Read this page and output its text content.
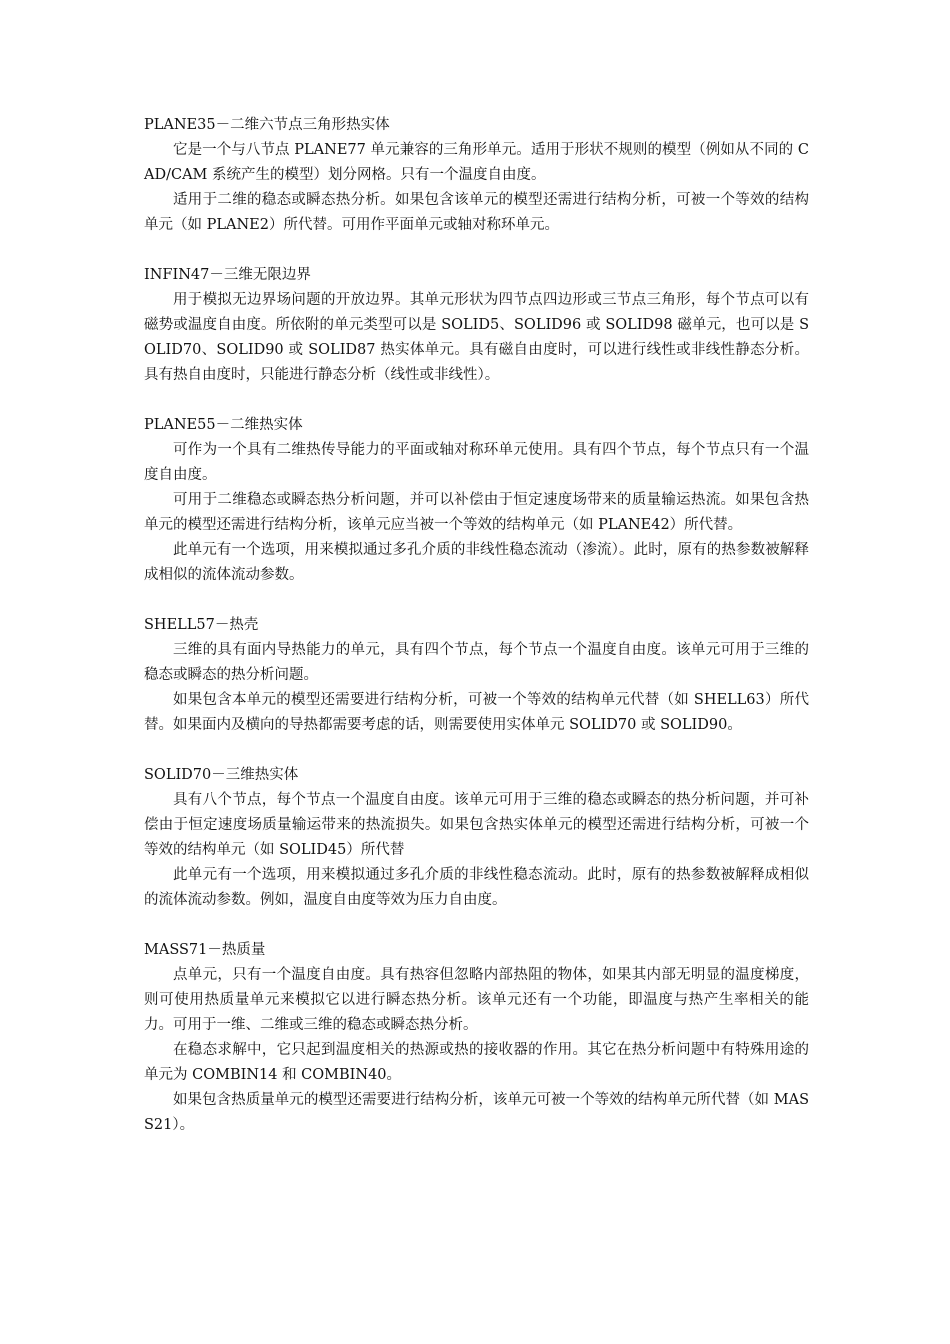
PLANE35－二维六节点三角形热实体

它是一个与八节点 PLANE77 单元兼容的三角形单元。适用于形状不规则的模型（例如从不同的 CAD/CAM 系统产生的模型）划分网格。只有一个温度自由度。

适用于二维的稳态或瞬态热分析。如果包含该单元的模型还需进行结构分析，可被一个等效的结构单元（如 PLANE2）所代替。可用作平面单元或轴对称环单元。

INFIN47－三维无限边界

用于模拟无边界场问题的开放边界。其单元形状为四节点四边形或三节点三角形，每个节点可以有磁势或温度自由度。所依附的单元类型可以是 SOLID5、SOLID96 或 SOLID98 磁单元，也可以是 SOLID70、SOLID90 或 SOLID87 热实体单元。具有磁自由度时，可以进行线性或非线性静态分析。具有热自由度时，只能进行静态分析（线性或非线性）。

PLANE55－二维热实体

可作为一个具有二维热传导能力的平面或轴对称环单元使用。具有四个节点，每个节点只有一个温度自由度。

可用于二维稳态或瞬态热分析问题，并可以补偿由于恒定速度场带来的质量输运热流。如果包含热单元的模型还需进行结构分析，该单元应当被一个等效的结构单元（如 PLANE42）所代替。

此单元有一个选项，用来模拟通过多孔介质的非线性稳态流动（渗流）。此时，原有的热参数被解释成相似的流体流动参数。

SHELL57－热壳

三维的具有面内导热能力的单元，具有四个节点，每个节点一个温度自由度。该单元可用于三维的稳态或瞬态的热分析问题。

如果包含本单元的模型还需要进行结构分析，可被一个等效的结构单元代替（如 SHELL63）所代替。如果面内及横向的导热都需要考虑的话，则需要使用实体单元 SOLID70 或 SOLID90。

SOLID70－三维热实体

具有八个节点，每个节点一个温度自由度。该单元可用于三维的稳态或瞬态的热分析问题，并可补偿由于恒定速度场质量输运带来的热流损失。如果包含热实体单元的模型还需进行结构分析，可被一个等效的结构单元（如 SOLID45）所代替

此单元有一个选项，用来模拟通过多孔介质的非线性稳态流动。此时，原有的热参数被解释成相似的流体流动参数。例如，温度自由度等效为压力自由度。

MASS71－热质量

点单元，只有一个温度自由度。具有热容但忽略内部热阻的物体，如果其内部无明显的温度梯度，则可使用热质量单元来模拟它以进行瞬态热分析。该单元还有一个功能，即温度与热产生率相关的能力。可用于一维、二维或三维的稳态或瞬态热分析。

在稳态求解中，它只起到温度相关的热源或热的接收器的作用。其它在热分析问题中有特殊用途的单元为 COMBIN14 和 COMBIN40。

如果包含热质量单元的模型还需要进行结构分析，该单元可被一个等效的结构单元所代替（如 MASS21）。
